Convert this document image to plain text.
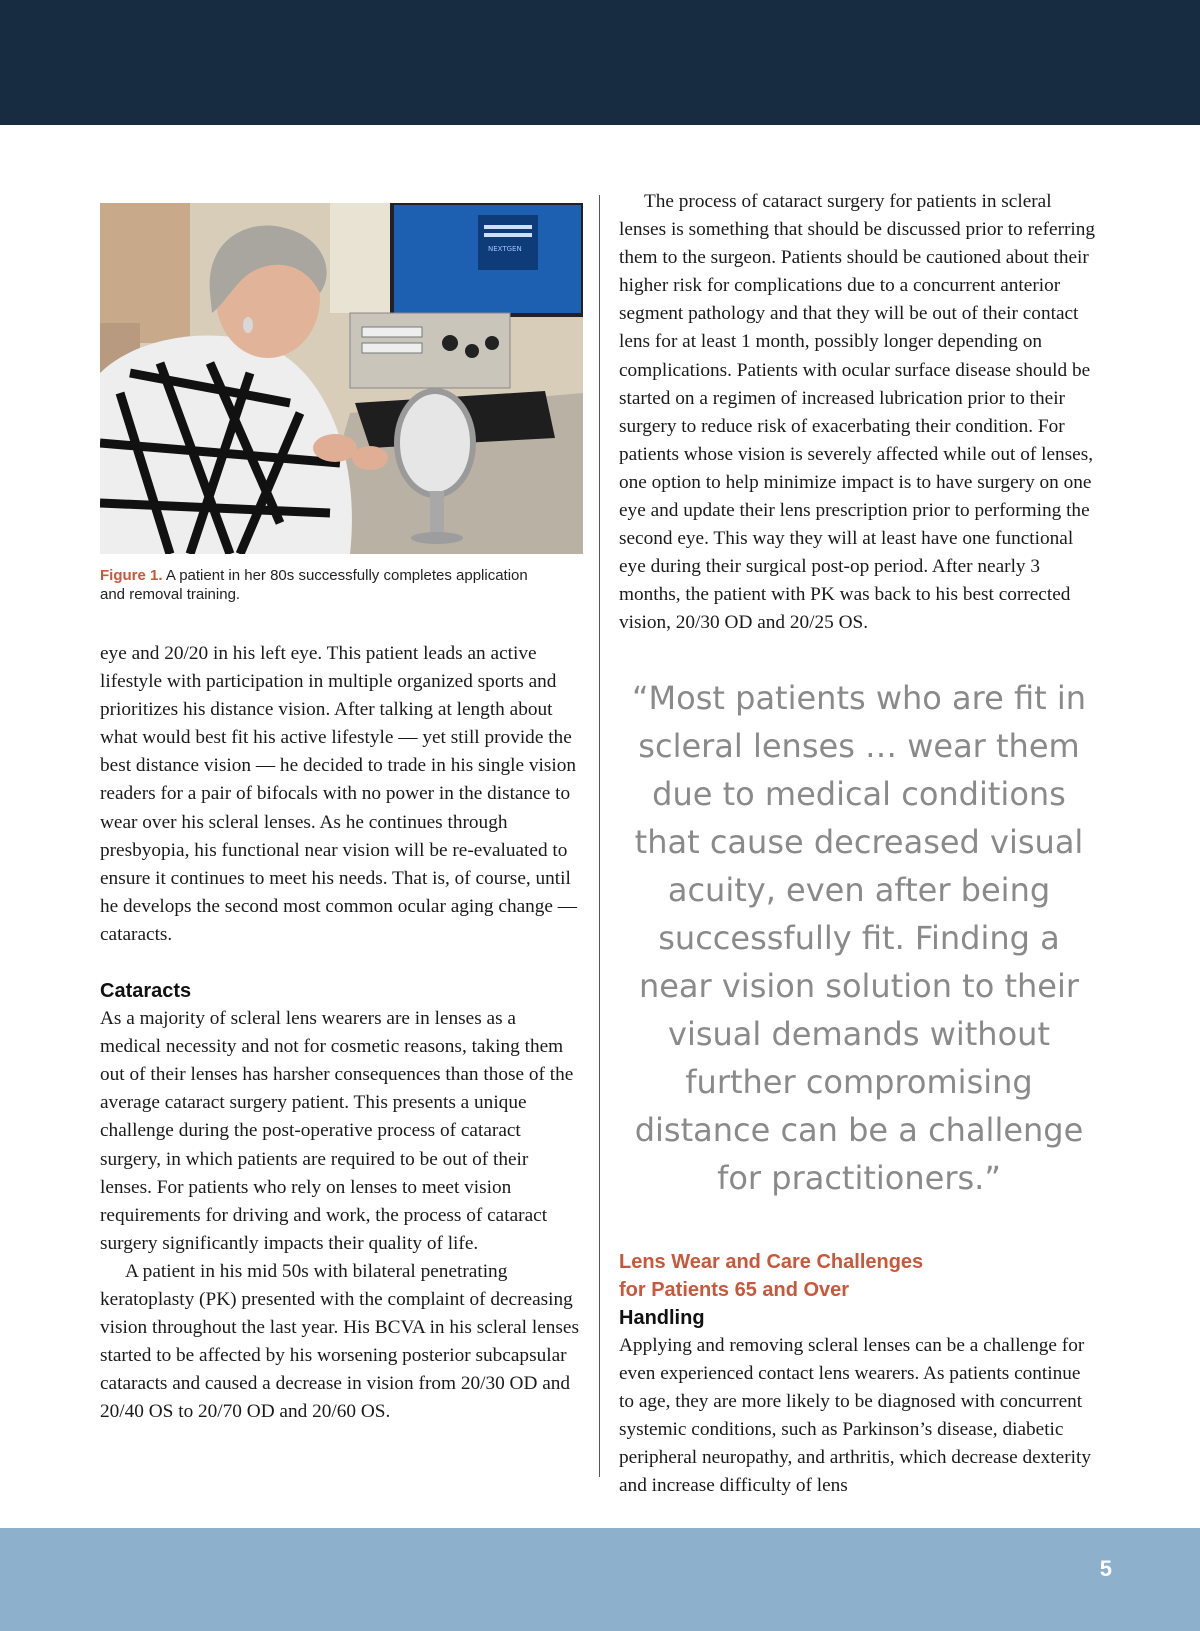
NEXTGEN
Figure 1. A patient in her 80s successfully completes application and removal training.

eye and 20/20 in his left eye. This patient leads an active lifestyle with participation in multiple organized sports and prioritizes his distance vision. After talking at length about what would best fit his active lifestyle — yet still provide the best distance vision — he decided to trade in his single vision readers for a pair of bifocals with no power in the distance to wear over his scleral lenses. As he continues through presbyopia, his functional near vision will be re-evaluated to ensure it continues to meet his needs. That is, of course, until he develops the second most common ocular aging change — cataracts.

Cataracts

As a majority of scleral lens wearers are in lenses as a medical necessity and not for cosmetic reasons, taking them out of their lenses has harsher consequences than those of the average cataract surgery patient. This presents a unique challenge during the post-operative process of cataract surgery, in which patients are required to be out of their lenses. For patients who rely on lenses to meet vision requirements for driving and work, the process of cataract surgery significantly impacts their quality of life.

A patient in his mid 50s with bilateral penetrating keratoplasty (PK) presented with the complaint of decreasing vision throughout the last year. His BCVA in his scleral lenses started to be affected by his worsening posterior subcapsular cataracts and caused a decrease in vision from 20/30 OD and 20/40 OS to 20/70 OD and 20/60 OS.

The process of cataract surgery for patients in scleral lenses is something that should be discussed prior to referring them to the surgeon. Patients should be cautioned about their higher risk for complications due to a concurrent anterior segment pathology and that they will be out of their contact lens for at least 1 month, possibly longer depending on complications. Patients with ocular surface disease should be started on a regimen of increased lubrication prior to their surgery to reduce risk of exacerbating their condition. For patients whose vision is severely affected while out of lenses, one option to help minimize impact is to have surgery on one eye and update their lens prescription prior to performing the second eye. This way they will at least have one functional eye during their surgical post-op period. After nearly 3 months, the patient with PK was back to his best corrected vision, 20/30 OD and 20/25 OS.

“Most patients who are fit in scleral lenses … wear them due to medical conditions that cause decreased visual acuity, even after being successfully fit. Finding a near vision solution to their visual demands without further compromising distance can be a challenge for practitioners.”
Lens Wear and Care Challenges
for Patients 65 and Over
Handling

Applying and removing scleral lenses can be a challenge for even experienced contact lens wearers. As patients continue to age, they are more likely to be diagnosed with concurrent systemic conditions, such as Parkinson’s disease, diabetic peripheral neuropathy, and arthritis, which decrease dexterity and increase difficulty of lens

5
